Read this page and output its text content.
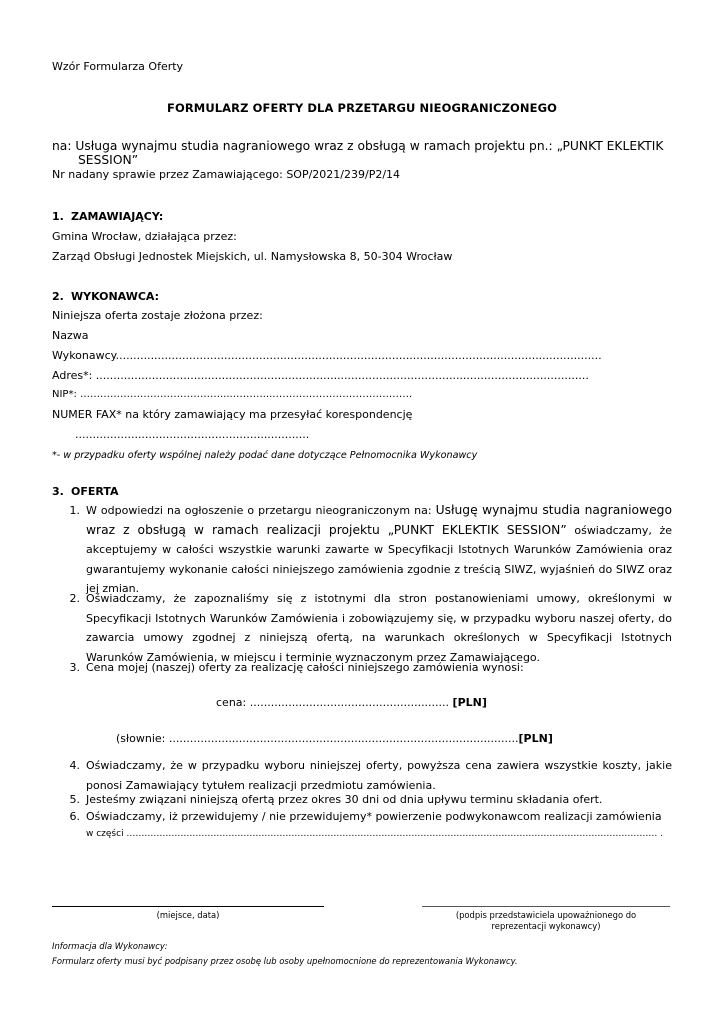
Wzór Formularza Oferty
FORMULARZ OFERTY DLA PRZETARGU NIEOGRANICZONEGO
na: Usługa wynajmu studia nagraniowego wraz z obsługą w ramach projektu pn.: „PUNKT EKLEKTIK
SESSION”
Nr nadany sprawie przez Zamawiającego: SOP/2021/239/P2/14
1. ZAMAWIAJĄCY:
Gmina Wrocław, działająca przez:
Zarząd Obsługi Jednostek Miejskich, ul. Namysłowska 8, 50-304 Wrocław
2. WYKONAWCA:
Niniejsza oferta zostaje złożona przez:
Nazwa
Wykonawcy...........................................................................................................................................
Adres*: .............................................................................................................................................
NIP*: ……………………………………....………...……………………………………
NUMER FAX* na który zamawiający ma przesyłać korespondencję
...................................................................
*- w przypadku oferty wspólnej należy podać dane dotyczące Pełnomocnika Wykonawcy
3. OFERTA
1. W odpowiedzi na ogłoszenie o przetargu nieograniczonym na: Usługę wynajmu studia nagraniowego wraz z obsługą w ramach realizacji projektu „PUNKT EKLEKTIK SESSION” oświadczamy, że akceptujemy w całości wszystkie warunki zawarte w Specyfikacji Istotnych Warunków Zamówienia oraz gwarantujemy wykonanie całości niniejszego zamówienia zgodnie z treścią SIWZ, wyjaśnień do SIWZ oraz jej zmian.
2. Oświadczamy, że zapoznaliśmy się z istotnymi dla stron postanowieniami umowy, określonymi w Specyfikacji Istotnych Warunków Zamówienia i zobowiązujemy się, w przypadku wyboru naszej oferty, do zawarcia umowy zgodnej z niniejszą ofertą, na warunkach określonych w Specyfikacji Istotnych Warunków Zamówienia, w miejscu i terminie wyznaczonym przez Zamawiającego.
3. Cena mojej (naszej) oferty za realizację całości niniejszego zamówienia wynosi:
cena: ......................................................... [PLN]
(słownie: ....................................................................................................[PLN]
4. Oświadczamy, że w przypadku wyboru niniejszej oferty, powyższa cena zawiera wszystkie koszty, jakie ponosi Zamawiający tytułem realizacji przedmiotu zamówienia.
5. Jesteśmy związani niniejszą ofertą przez okres 30 dni od dnia upływu terminu składania ofert.
6. Oświadczamy, iż przewidujemy / nie przewidujemy* powierzenie podwykonawcom realizacji zamówienia
w części …………………………………………………………………………………………………………………………………………………………… .
(miejsce, data)	(podpis przedstawiciela upoważnionego do
reprezentacji wykonawcy)
Informacja dla Wykonawcy:
Formularz oferty musi być podpisany przez osobę lub osoby upełnomocnione do reprezentowania Wykonawcy.
